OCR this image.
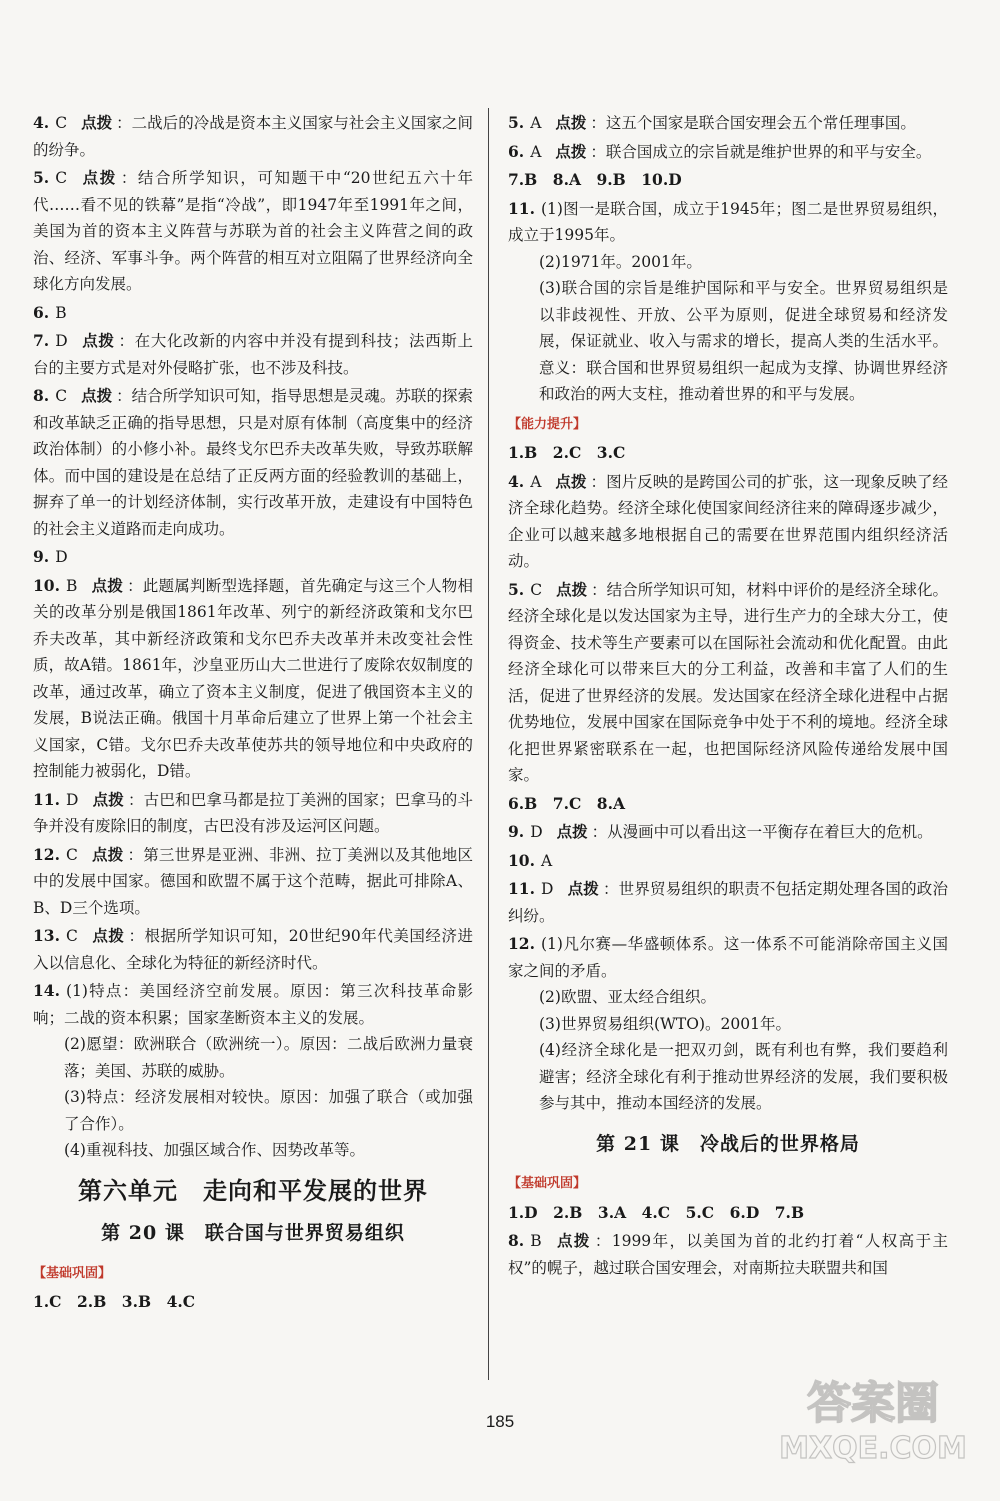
4. C 点拨 ：二战后的冷战是资本主义国家与社会主义国家之间的纷争。

5. C 点拨 ：结合所学知识，可知题干中“20世纪五六十年代……看不见的铁幕”是指“冷战”，即1947年至1991年之间，美国为首的资本主义阵营与苏联为首的社会主义阵营之间的政治、经济、军事斗争。两个阵营的相互对立阻隔了世界经济向全球化方向发展。

6. B

7. D 点拨 ：在大化改新的内容中并没有提到科技；法西斯上台的主要方式是对外侵略扩张，也不涉及科技。

8. C 点拨 ：结合所学知识可知，指导思想是灵魂。苏联的探索和改革缺乏正确的指导思想，只是对原有体制（高度集中的经济政治体制）的小修小补。最终戈尔巴乔夫改革失败，导致苏联解体。而中国的建设是在总结了正反两方面的经验教训的基础上，摒弃了单一的计划经济体制，实行改革开放，走建设有中国特色的社会主义道路而走向成功。

9. D

10. B 点拨 ：此题属判断型选择题，首先确定与这三个人物相关的改革分别是俄国1861年改革、列宁的新经济政策和戈尔巴乔夫改革，其中新经济政策和戈尔巴乔夫改革并未改变社会性质，故A错。1861年，沙皇亚历山大二世进行了废除农奴制度的改革，通过改革，确立了资本主义制度，促进了俄国资本主义的发展，B说法正确。俄国十月革命后建立了世界上第一个社会主义国家，C错。戈尔巴乔夫改革使苏共的领导地位和中央政府的控制能力被弱化，D错。

11. D 点拨 ：古巴和巴拿马都是拉丁美洲的国家；巴拿马的斗争并没有废除旧的制度，古巴没有涉及运河区问题。

12. C 点拨 ：第三世界是亚洲、非洲、拉丁美洲以及其他地区中的发展中国家。德国和欧盟不属于这个范畴，据此可排除A、B、D三个选项。

13. C 点拨 ：根据所学知识可知，20世纪90年代美国经济进入以信息化、全球化为特征的新经济时代。

14. (1)特点：美国经济空前发展。原因：第三次科技革命影响；二战的资本积累；国家垄断资本主义的发展。

(2)愿望：欧洲联合（欧洲统一）。原因：二战后欧洲力量衰落；美国、苏联的威胁。

(3)特点：经济发展相对较快。原因：加强了联合（或加强了合作）。

(4)重视科技、加强区域合作、因势改革等。

第六单元　走向和平发展的世界
第 20 课　联合国与世界贸易组织
【基础巩固】

1.C　2.B　3.B　4.C

5. A 点拨 ：这五个国家是联合国安理会五个常任理事国。

6. A 点拨 ：联合国成立的宗旨就是维护世界的和平与安全。

7.B　8.A　9.B　10.D

11. (1)图一是联合国，成立于1945年；图二是世界贸易组织，成立于1995年。

(2)1971年。2001年。

(3)联合国的宗旨是维护国际和平与安全。世界贸易组织是以非歧视性、开放、公平为原则，促进全球贸易和经济发展，保证就业、收入与需求的增长，提高人类的生活水平。意义：联合国和世界贸易组织一起成为支撑、协调世界经济和政治的两大支柱，推动着世界的和平与发展。

【能力提升】

1.B　2.C　3.C

4. A 点拨 ：图片反映的是跨国公司的扩张，这一现象反映了经济全球化趋势。经济全球化使国家间经济往来的障碍逐步减少，企业可以越来越多地根据自己的需要在世界范围内组织经济活动。

5. C 点拨 ：结合所学知识可知，材料中评价的是经济全球化。经济全球化是以发达国家为主导，进行生产力的全球大分工，使得资金、技术等生产要素可以在国际社会流动和优化配置。由此经济全球化可以带来巨大的分工利益，改善和丰富了人们的生活，促进了世界经济的发展。发达国家在经济全球化进程中占据优势地位，发展中国家在国际竞争中处于不利的境地。经济全球化把世界紧密联系在一起，也把国际经济风险传递给发展中国家。

6.B　7.C　8.A

9. D 点拨 ：从漫画中可以看出这一平衡存在着巨大的危机。

10. A

11. D 点拨 ：世界贸易组织的职责不包括定期处理各国的政治纠纷。

12. (1)凡尔赛—华盛顿体系。这一体系不可能消除帝国主义国家之间的矛盾。

(2)欧盟、亚太经合组织。

(3)世界贸易组织(WTO)。2001年。

(4)经济全球化是一把双刃剑，既有利也有弊，我们要趋利避害；经济全球化有利于推动世界经济的发展，我们要积极参与其中，推动本国经济的发展。

第 21 课　冷战后的世界格局
【基础巩固】

1.D　2.B　3.A　4.C　5.C　6.D　7.B

8. B 点拨 ：1999年，以美国为首的北约打着“人权高于主权”的幌子，越过联合国安理会，对南斯拉夫联盟共和国

185	答案圈
MXQE.COM
